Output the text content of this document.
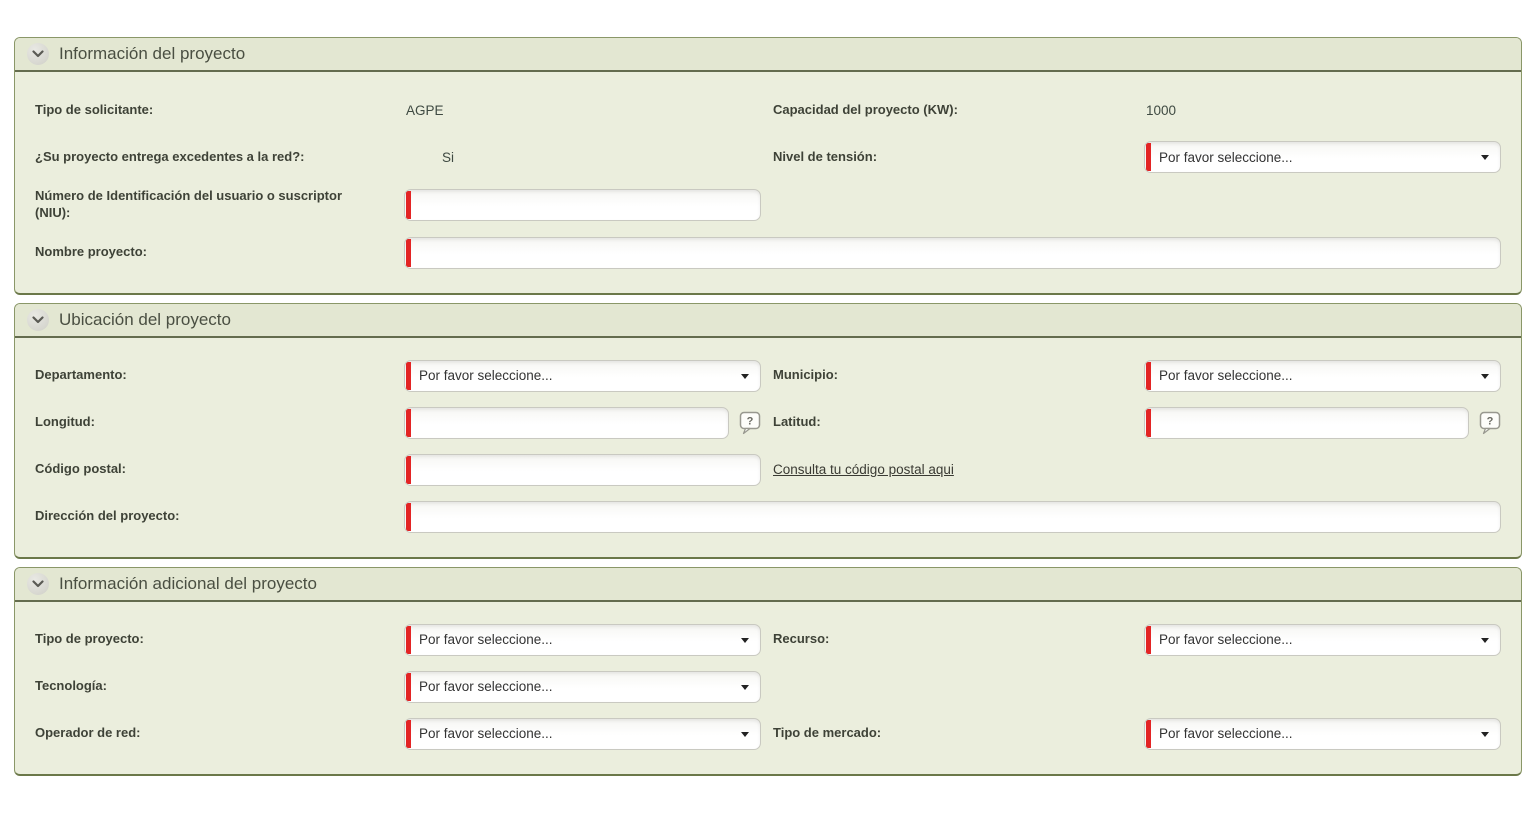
Información del proyecto
Tipo de solicitante:	AGPE	Capacidad del proyecto (KW):	1000
¿Su proyecto entrega excedentes a la red?:	Si	Nivel de tensión:	Por favor seleccione...
Número de Identificación del usuario o suscriptor (NIU):
Nombre proyecto:
Ubicación del proyecto
Departamento:	Por favor seleccione...	Municipio:	Por favor seleccione...
Longitud:	?	Latitud:	?
Código postal:	Consulta tu código postal aqui
Dirección del proyecto:
Información adicional del proyecto
Tipo de proyecto:	Por favor seleccione...	Recurso:	Por favor seleccione...
Tecnología:	Por favor seleccione...
Operador de red:	Por favor seleccione...	Tipo de mercado:	Por favor seleccione...
